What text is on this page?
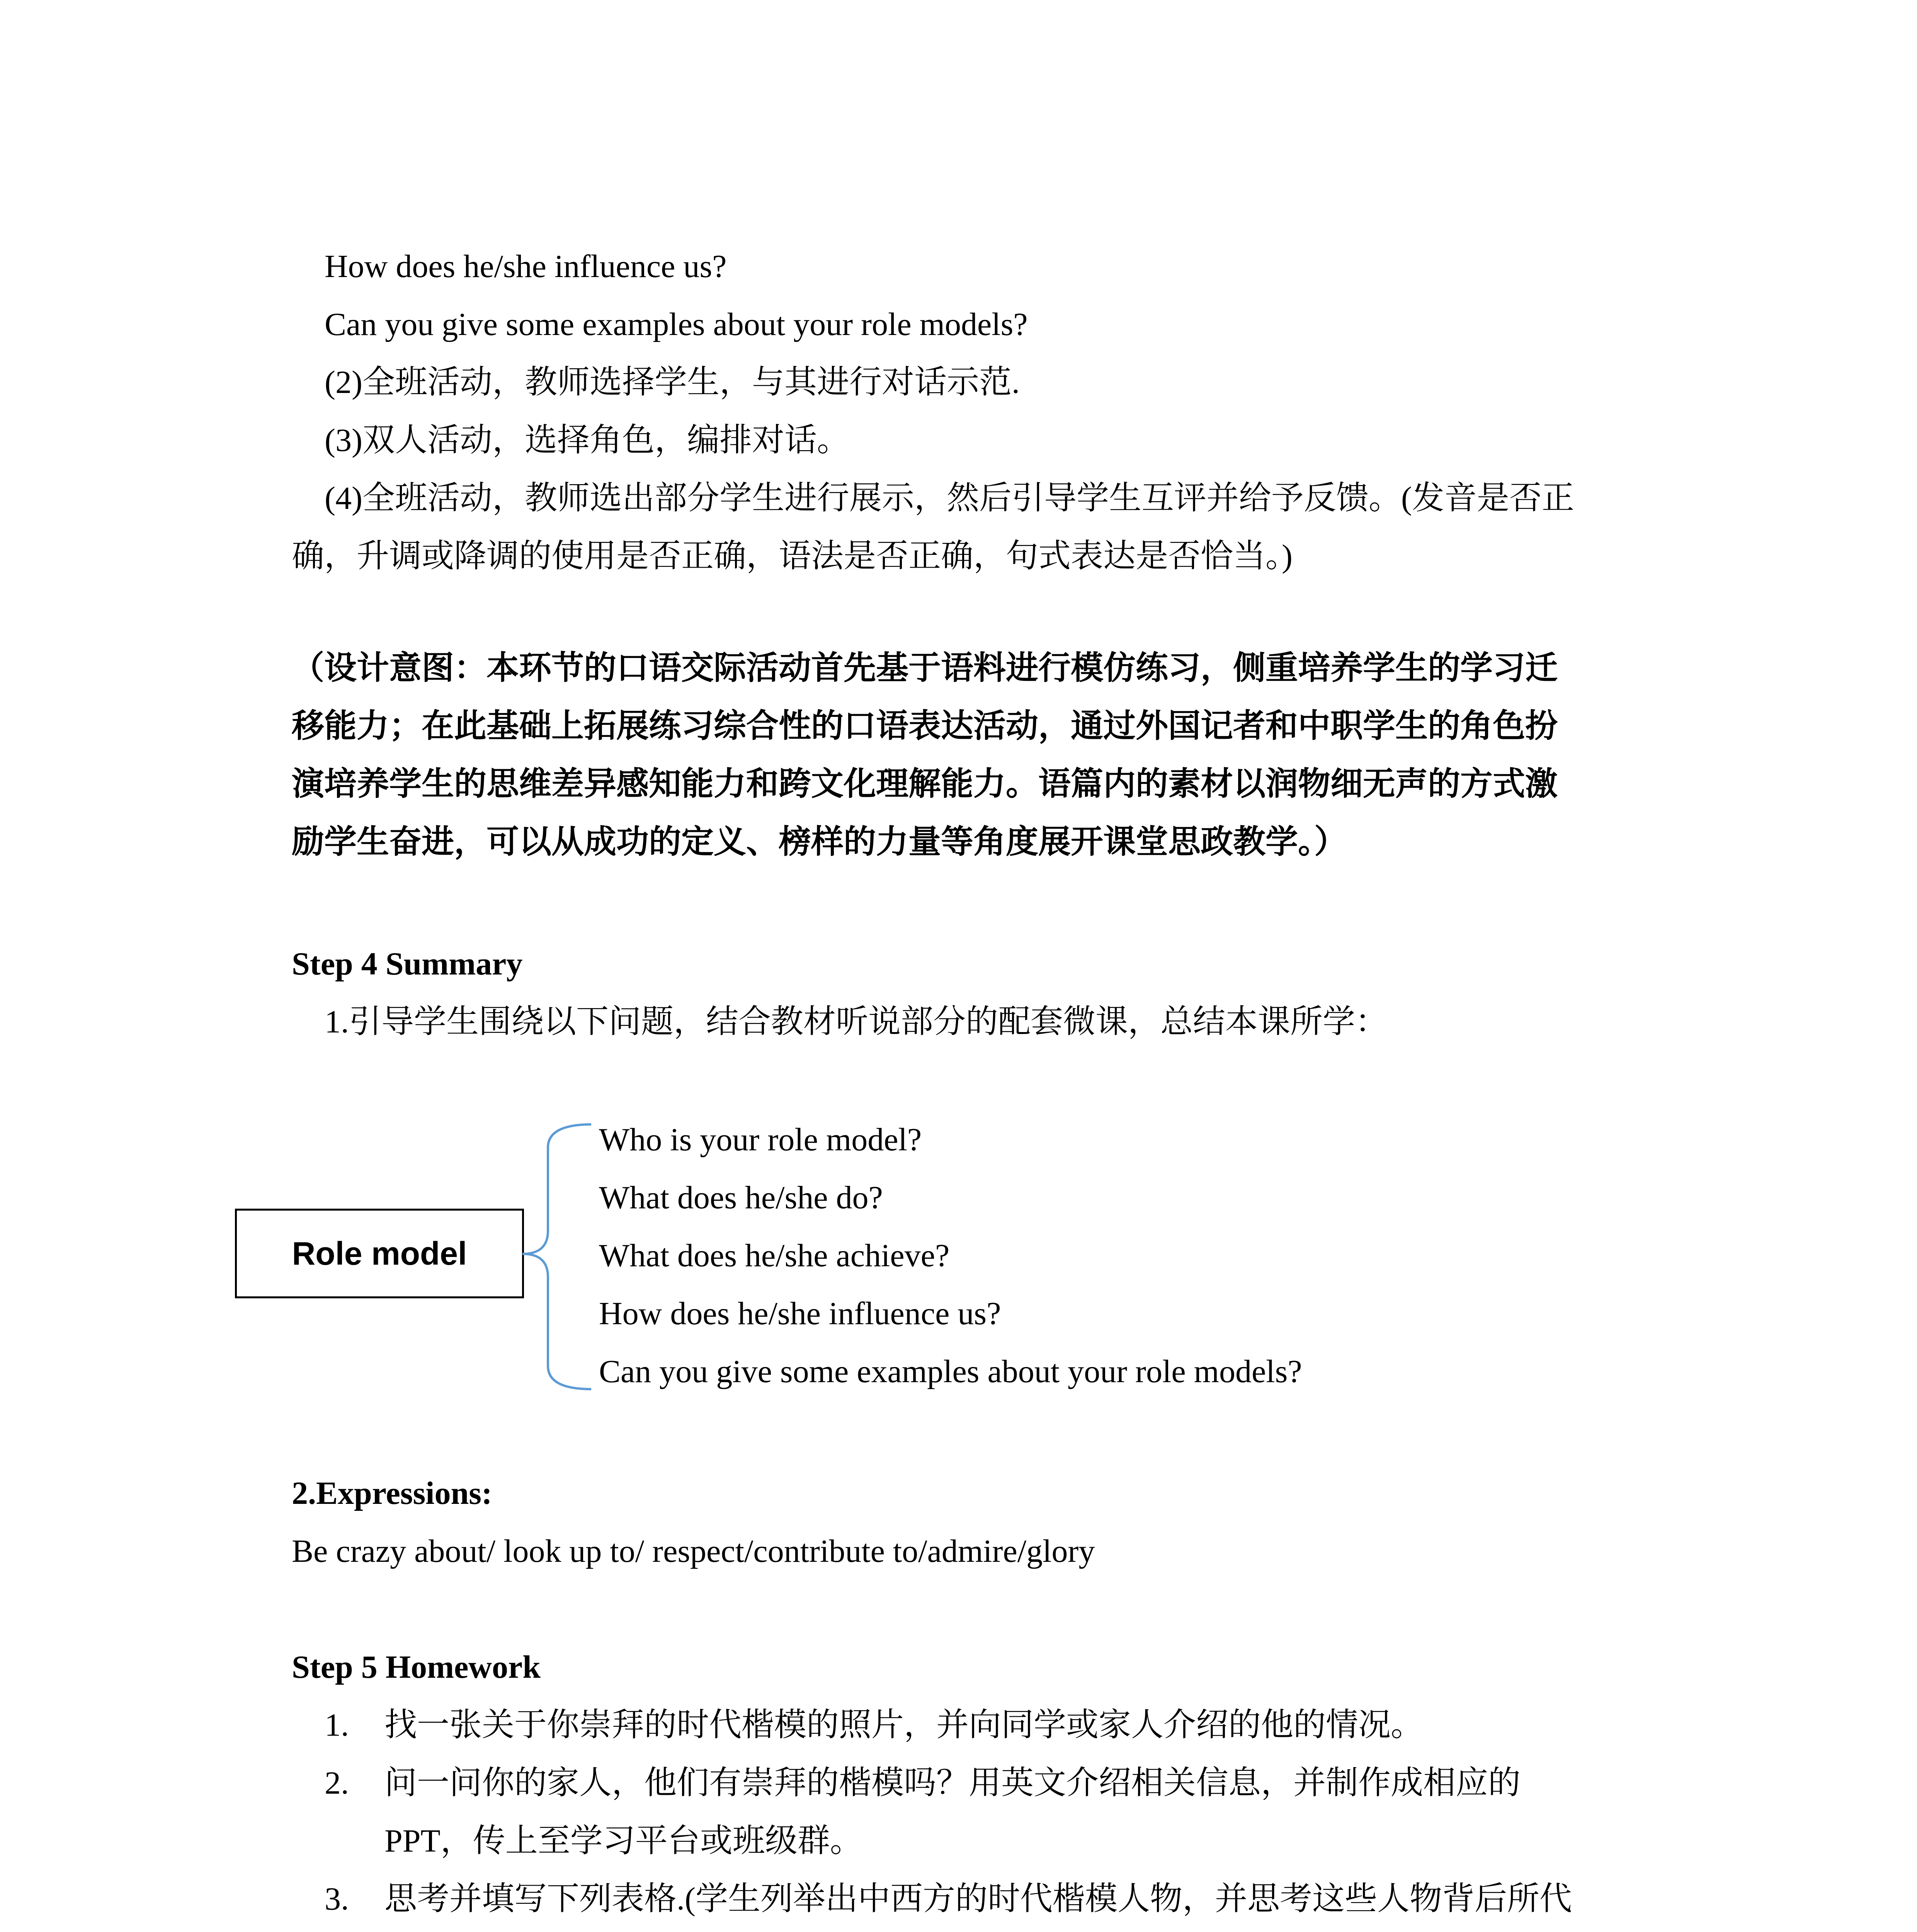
How does he/she influence us?
Can you give some examples about your role models?
(2)全班活动，教师选择学生，与其进行对话示范.
(3)双人活动，选择角色，编排对话。
(4)全班活动，教师选出部分学生进行展示，然后引导学生互评并给予反馈。(发音是否正
确，升调或降调的使用是否正确，语法是否正确，句式表达是否恰当。)
（设计意图：本环节的口语交际活动首先基于语料进行模仿练习，侧重培养学生的学习迁
移能力；在此基础上拓展练习综合性的口语表达活动，通过外国记者和中职学生的角色扮
演培养学生的思维差异感知能力和跨文化理解能力。语篇内的素材以润物细无声的方式激
励学生奋进，可以从成功的定义、榜样的力量等角度展开课堂思政教学。）
Step 4 Summary
1.引导学生围绕以下问题，结合教材听说部分的配套微课，总结本课所学：
Role model
Who is your role model?
What does he/she do?
What does he/she achieve?
How does he/she influence us?
Can you give some examples about your role models?
2.Expressions:
Be crazy about/ look up to/ respect/contribute to/admire/glory
Step 5 Homework
1. 找一张关于你崇拜的时代楷模的照片，并向同学或家人介绍的他的情况。
2. 问一问你的家人，他们有崇拜的楷模吗？用英文介绍相关信息，并制作成相应的
PPT，传上至学习平台或班级群。
3. 思考并填写下列表格.(学生列举出中西方的时代楷模人物，并思考这些人物背后所代
